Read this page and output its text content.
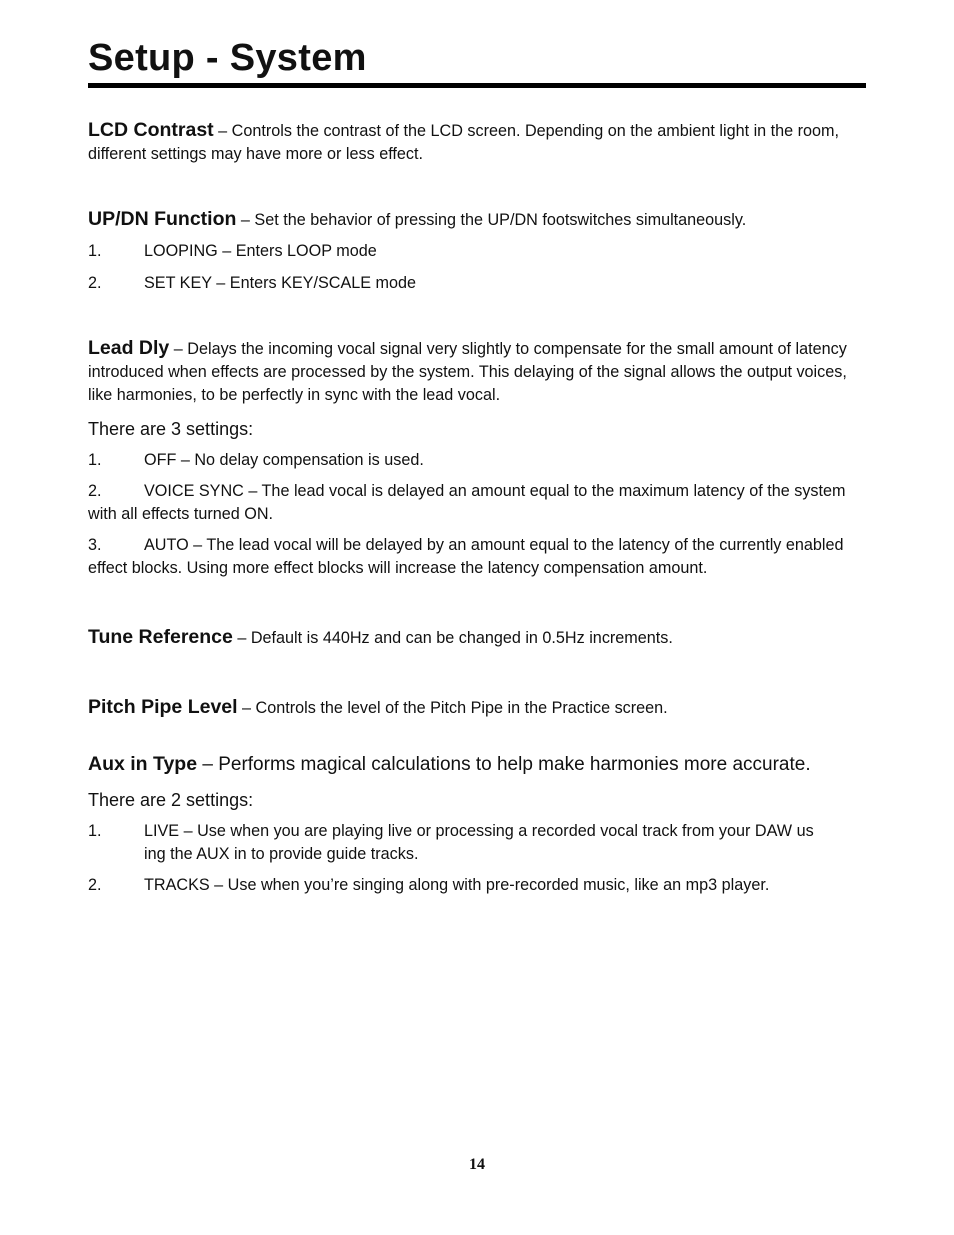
Setup - System

LCD Contrast – Controls the contrast of the LCD screen. Depending on the ambient light in the room, different settings may have more or less effect.

UP/DN Function – Set the behavior of pressing the UP/DN footswitches simultaneously.

1.	LOOPING – Enters LOOP mode
2.	SET KEY – Enters KEY/SCALE mode

Lead Dly – Delays the incoming vocal signal very slightly to compensate for the small amount of latency introduced when effects are processed by the system. This delaying of the signal allows the output voices, like harmonies, to be perfectly in sync with the lead vocal.

There are 3 settings:
1.	OFF – No delay compensation is used.

2.	VOICE SYNC – The lead vocal is delayed an amount equal to the maximum latency of the system with all effects turned ON.

3.	AUTO – The lead vocal will be delayed by an amount equal to the latency of the currently enabled effect blocks. Using more effect blocks will increase the latency compensation amount.

Tune Reference – Default is 440Hz and can be changed in 0.5Hz increments.

Pitch Pipe Level – Controls the level of the Pitch Pipe in the Practice screen.

Aux in Type – Performs magical calculations to help make harmonies more accurate.

There are 2 settings:
1.	LIVE – Use when you are playing live or processing a recorded vocal track from your DAW us
ing the AUX in to provide guide tracks.
2.	TRACKS – Use when you’re singing along with pre-recorded music, like an mp3 player.
14
